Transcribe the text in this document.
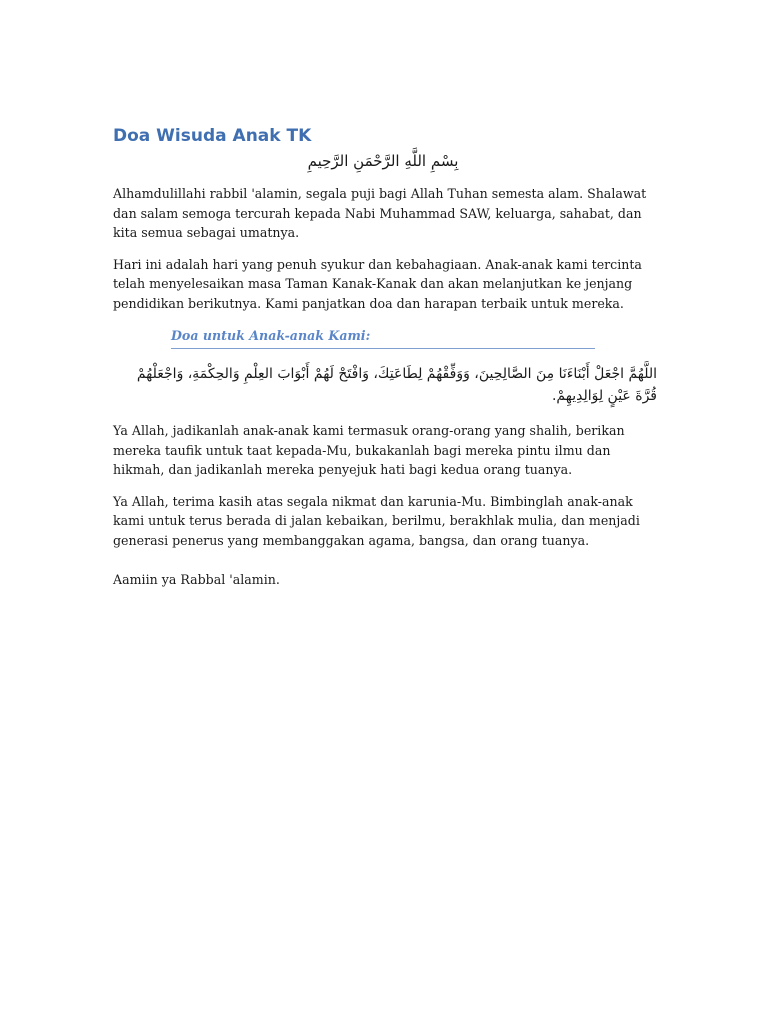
Doa Wisuda Anak TK
بِسْمِ اللَّهِ الرَّحْمَنِ الرَّحِيمِ

Alhamdulillahi rabbil 'alamin, segala puji bagi Allah Tuhan semesta alam. Shalawat dan salam semoga tercurah kepada Nabi Muhammad SAW, keluarga, sahabat, dan kita semua sebagai umatnya.

Hari ini adalah hari yang penuh syukur dan kebahagiaan. Anak-anak kami tercinta telah menyelesaikan masa Taman Kanak-Kanak dan akan melanjutkan ke jenjang pendidikan berikutnya. Kami panjatkan doa dan harapan terbaik untuk mereka.

Doa untuk Anak-anak Kami:
اللَّهُمَّ اجْعَلْ أَبْنَاءَنَا مِنَ الصَّالِحِينَ، وَوَفِّقْهُمْ لِطَاعَتِكَ، وَافْتَحْ لَهُمْ أَبْوَابَ العِلْمِ وَالحِكْمَةِ، وَاجْعَلْهُمْ قُرَّةَ عَيْنٍ لِوَالِدِيهِمْ.

Ya Allah, jadikanlah anak-anak kami termasuk orang-orang yang shalih, berikan mereka taufik untuk taat kepada-Mu, bukakanlah bagi mereka pintu ilmu dan hikmah, dan jadikanlah mereka penyejuk hati bagi kedua orang tuanya.

Ya Allah, terima kasih atas segala nikmat dan karunia-Mu. Bimbinglah anak-anak kami untuk terus berada di jalan kebaikan, berilmu, berakhlak mulia, dan menjadi generasi penerus yang membanggakan agama, bangsa, dan orang tuanya.

Aamiin ya Rabbal 'alamin.
